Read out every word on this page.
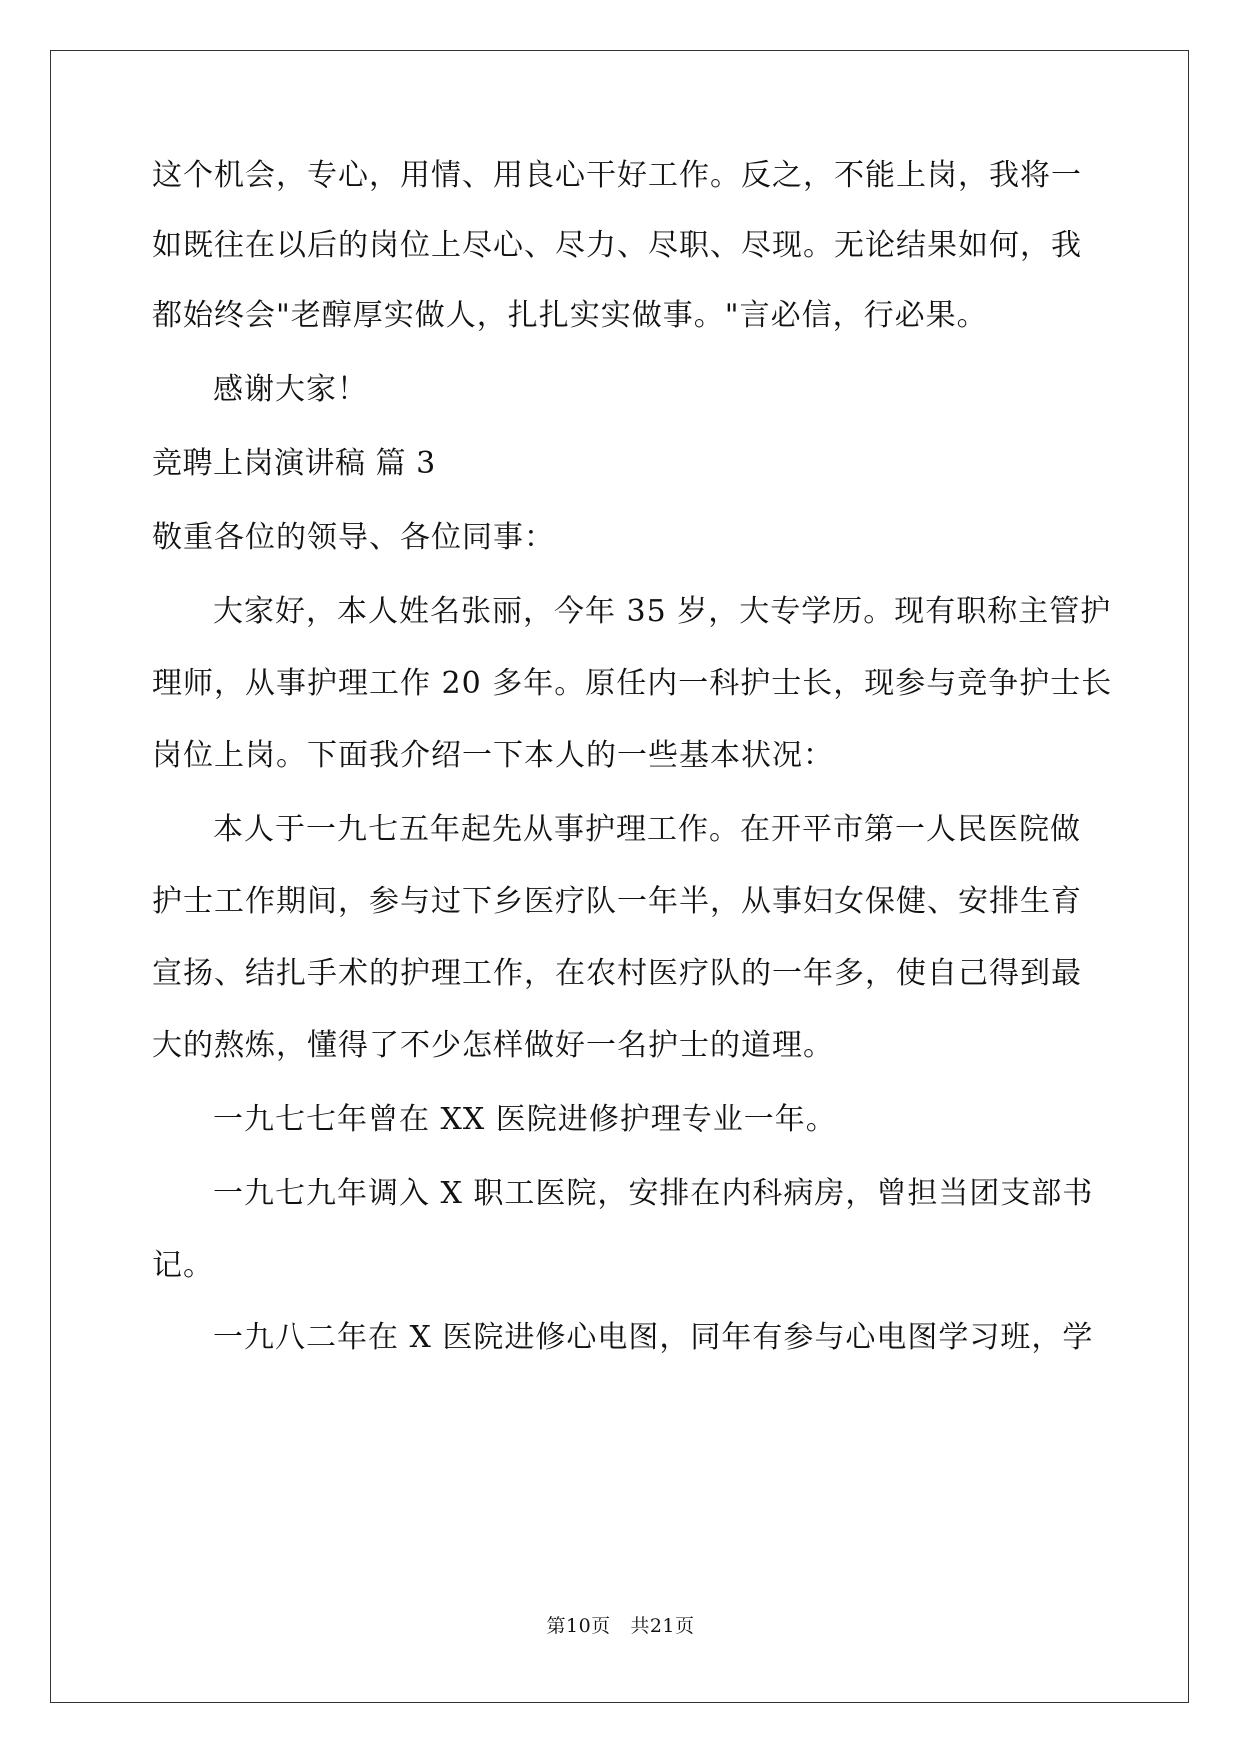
这个机会，专心，用情、用良心干好工作。反之，不能上岗，我将一
如既往在以后的岗位上尽心、尽力、尽职、尽现。无论结果如何，我
都始终会"老醇厚实做人，扎扎实实做事。"言必信，行必果。
感谢大家！
竞聘上岗演讲稿 篇 3
敬重各位的领导、各位同事：
大家好，本人姓名张丽，今年 35 岁，大专学历。现有职称主管护
理师，从事护理工作 20 多年。原任内一科护士长，现参与竞争护士长
岗位上岗。下面我介绍一下本人的一些基本状况：
本人于一九七五年起先从事护理工作。在开平市第一人民医院做
护士工作期间，参与过下乡医疗队一年半，从事妇女保健、安排生育
宣扬、结扎手术的护理工作，在农村医疗队的一年多，使自己得到最
大的熬炼，懂得了不少怎样做好一名护士的道理。
一九七七年曾在 XX 医院进修护理专业一年。
一九七九年调入 X 职工医院，安排在内科病房，曾担当团支部书
记。
一九八二年在 X 医院进修心电图，同年有参与心电图学习班，学
第10页 共21页
